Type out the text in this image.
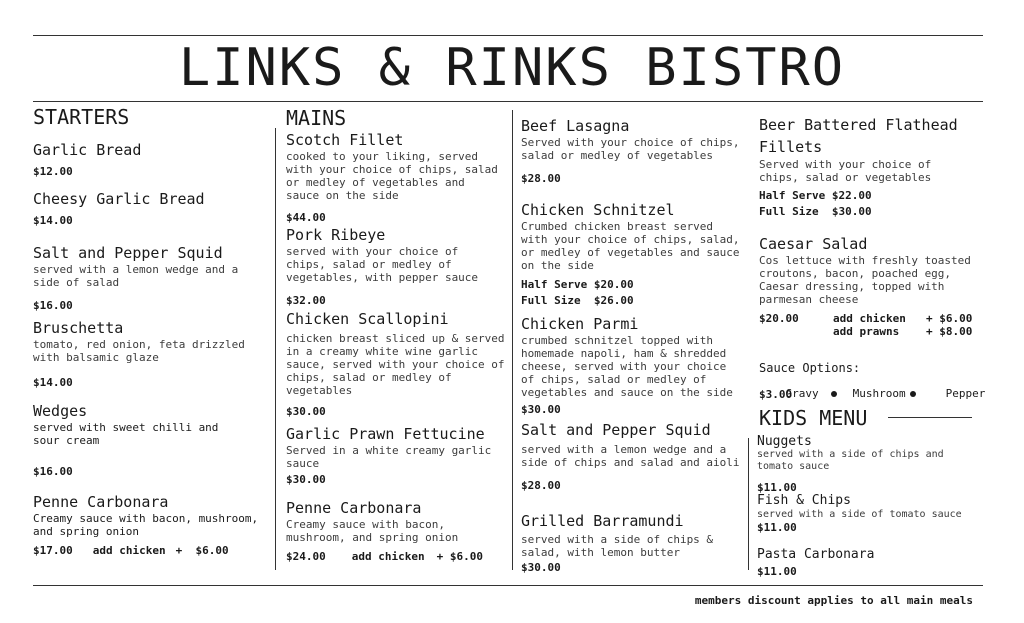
LINKS & RINKS BISTRO
STARTERS
Garlic Bread
$12.00
Cheesy Garlic Bread
$14.00
Salt and Pepper Squid
served with a lemon wedge and a side of salad
$16.00
Bruschetta
tomato, red onion, feta drizzled with balsamic glaze
$14.00
Wedges
served with sweet chilli and sour cream
$16.00
Penne Carbonara
Creamy sauce with bacon, mushroom, and spring onion
$17.00 add chicken +  $6.00
MAINS
Scotch Fillet
cooked to your liking, served with your choice of chips, salad or medley of vegetables and sauce on the side
$44.00
Pork Ribeye
served with your choice of chips, salad or medley of vegetables, with pepper sauce
$32.00
Chicken Scallopini
chicken breast sliced up & served in a creamy white wine garlic sauce, served with your choice of chips, salad or medley of vegetables
$30.00
Garlic Prawn Fettucine
Served in a white creamy garlic sauce
$30.00
Penne Carbonara
Creamy sauce with bacon, mushroom, and spring onion
$24.00 add chicken + $6.00
Beef Lasagna
Served with your choice of chips, salad or medley of vegetables
$28.00
Chicken Schnitzel
Crumbed chicken breast served with your choice of chips, salad, or medley of vegetables and sauce on the side
Half Serve $20.00
Full Size  $26.00
Chicken Parmi
crumbed schnitzel topped with homemade napoli, ham & shredded cheese, served with your choice of chips, salad or medley of vegetables and sauce on the side
$30.00
Salt and Pepper Squid
served with a lemon wedge and a side of chips and salad and aioli
$28.00
Grilled Barramundi
served with a side of chips & salad, with lemon butter
$30.00
Beer Battered Flathead Fillets
Served with your choice of chips, salad or vegetables
Half Serve $22.00
Full Size  $30.00
Caesar Salad
Cos lettuce with freshly toasted croutons, bacon, poached egg, Caesar dressing, topped with parmesan cheese
$20.00	add chicken + $6.00
add prawns + $8.00
Sauce Options:

Gravy	Mushroom	Pepper

$3.00
KIDS MENU
Nuggets
served with a side of chips and tomato sauce
$11.00
Fish & Chips
served with a side of tomato sauce
$11.00
Pasta Carbonara
$11.00
members discount applies to all main meals
